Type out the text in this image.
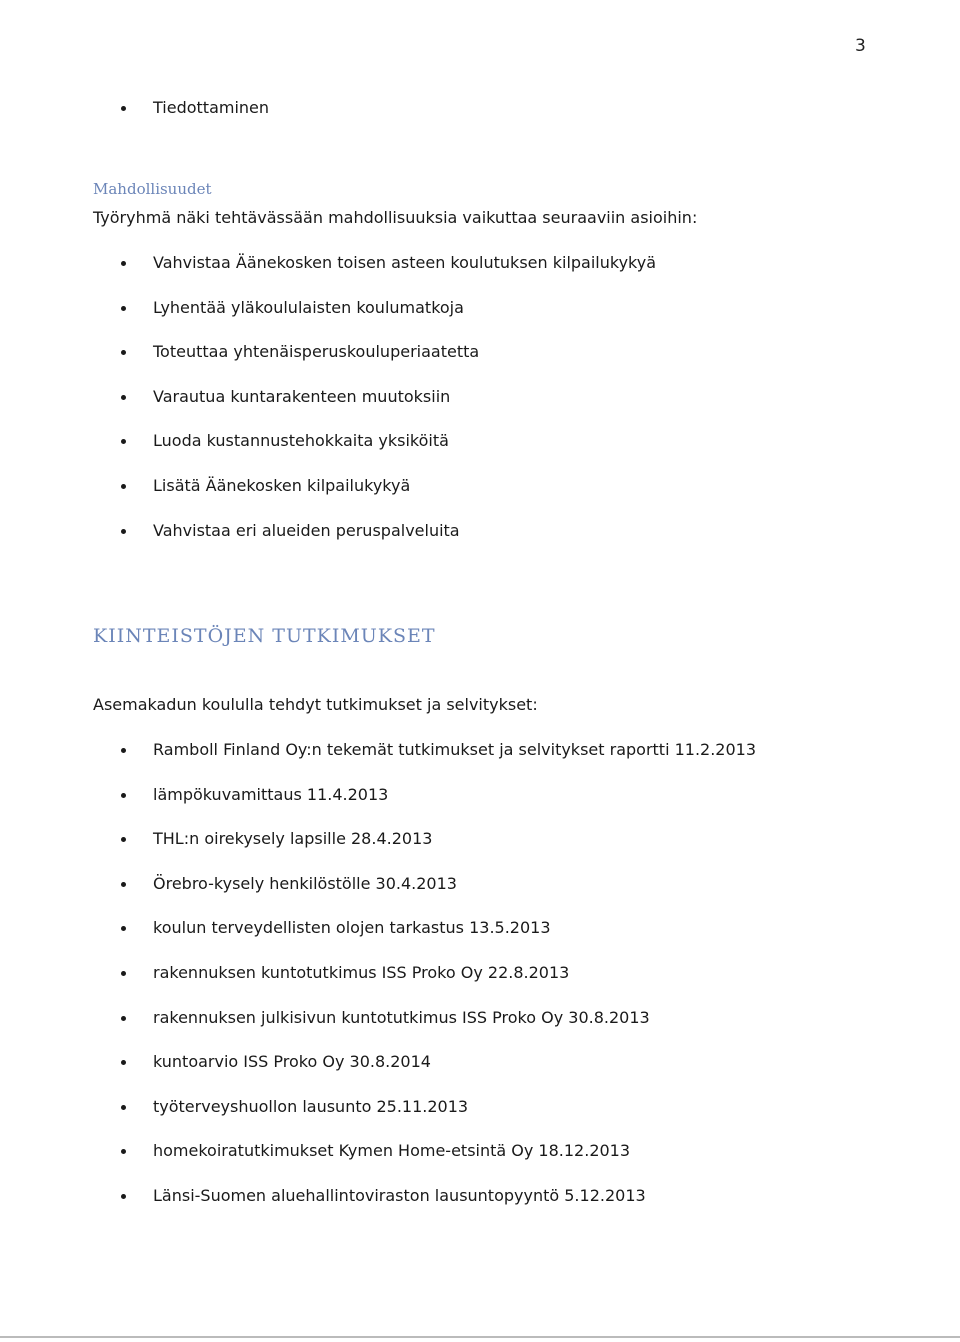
3
Tiedottaminen
Mahdollisuudet
Työryhmä näki tehtävässään mahdollisuuksia vaikuttaa seuraaviin asioihin:
Vahvistaa Äänekosken toisen asteen koulutuksen kilpailukykyä
Lyhentää yläkoululaisten koulumatkoja
Toteuttaa yhtenäisperuskouluperiaatetta
Varautua kuntarakenteen muutoksiin
Luoda kustannustehokkaita yksiköitä
Lisätä Äänekosken kilpailukykyä
Vahvistaa eri alueiden peruspalveluita
KIINTEISTÖJEN TUTKIMUKSET
Asemakadun koululla tehdyt tutkimukset ja selvitykset:
Ramboll Finland Oy:n tekemät tutkimukset ja selvitykset raportti 11.2.2013
lämpökuvamittaus 11.4.2013
THL:n oirekysely lapsille 28.4.2013
Örebro-kysely henkilöstölle 30.4.2013
koulun terveydellisten olojen tarkastus 13.5.2013
rakennuksen kuntotutkimus ISS Proko Oy 22.8.2013
rakennuksen julkisivun kuntotutkimus ISS Proko Oy 30.8.2013
kuntoarvio ISS Proko Oy 30.8.2014
työterveyshuollon lausunto 25.11.2013
homekoiratutkimukset Kymen Home-etsintä Oy 18.12.2013
Länsi-Suomen aluehallintoviraston lausuntopyyntö 5.12.2013
